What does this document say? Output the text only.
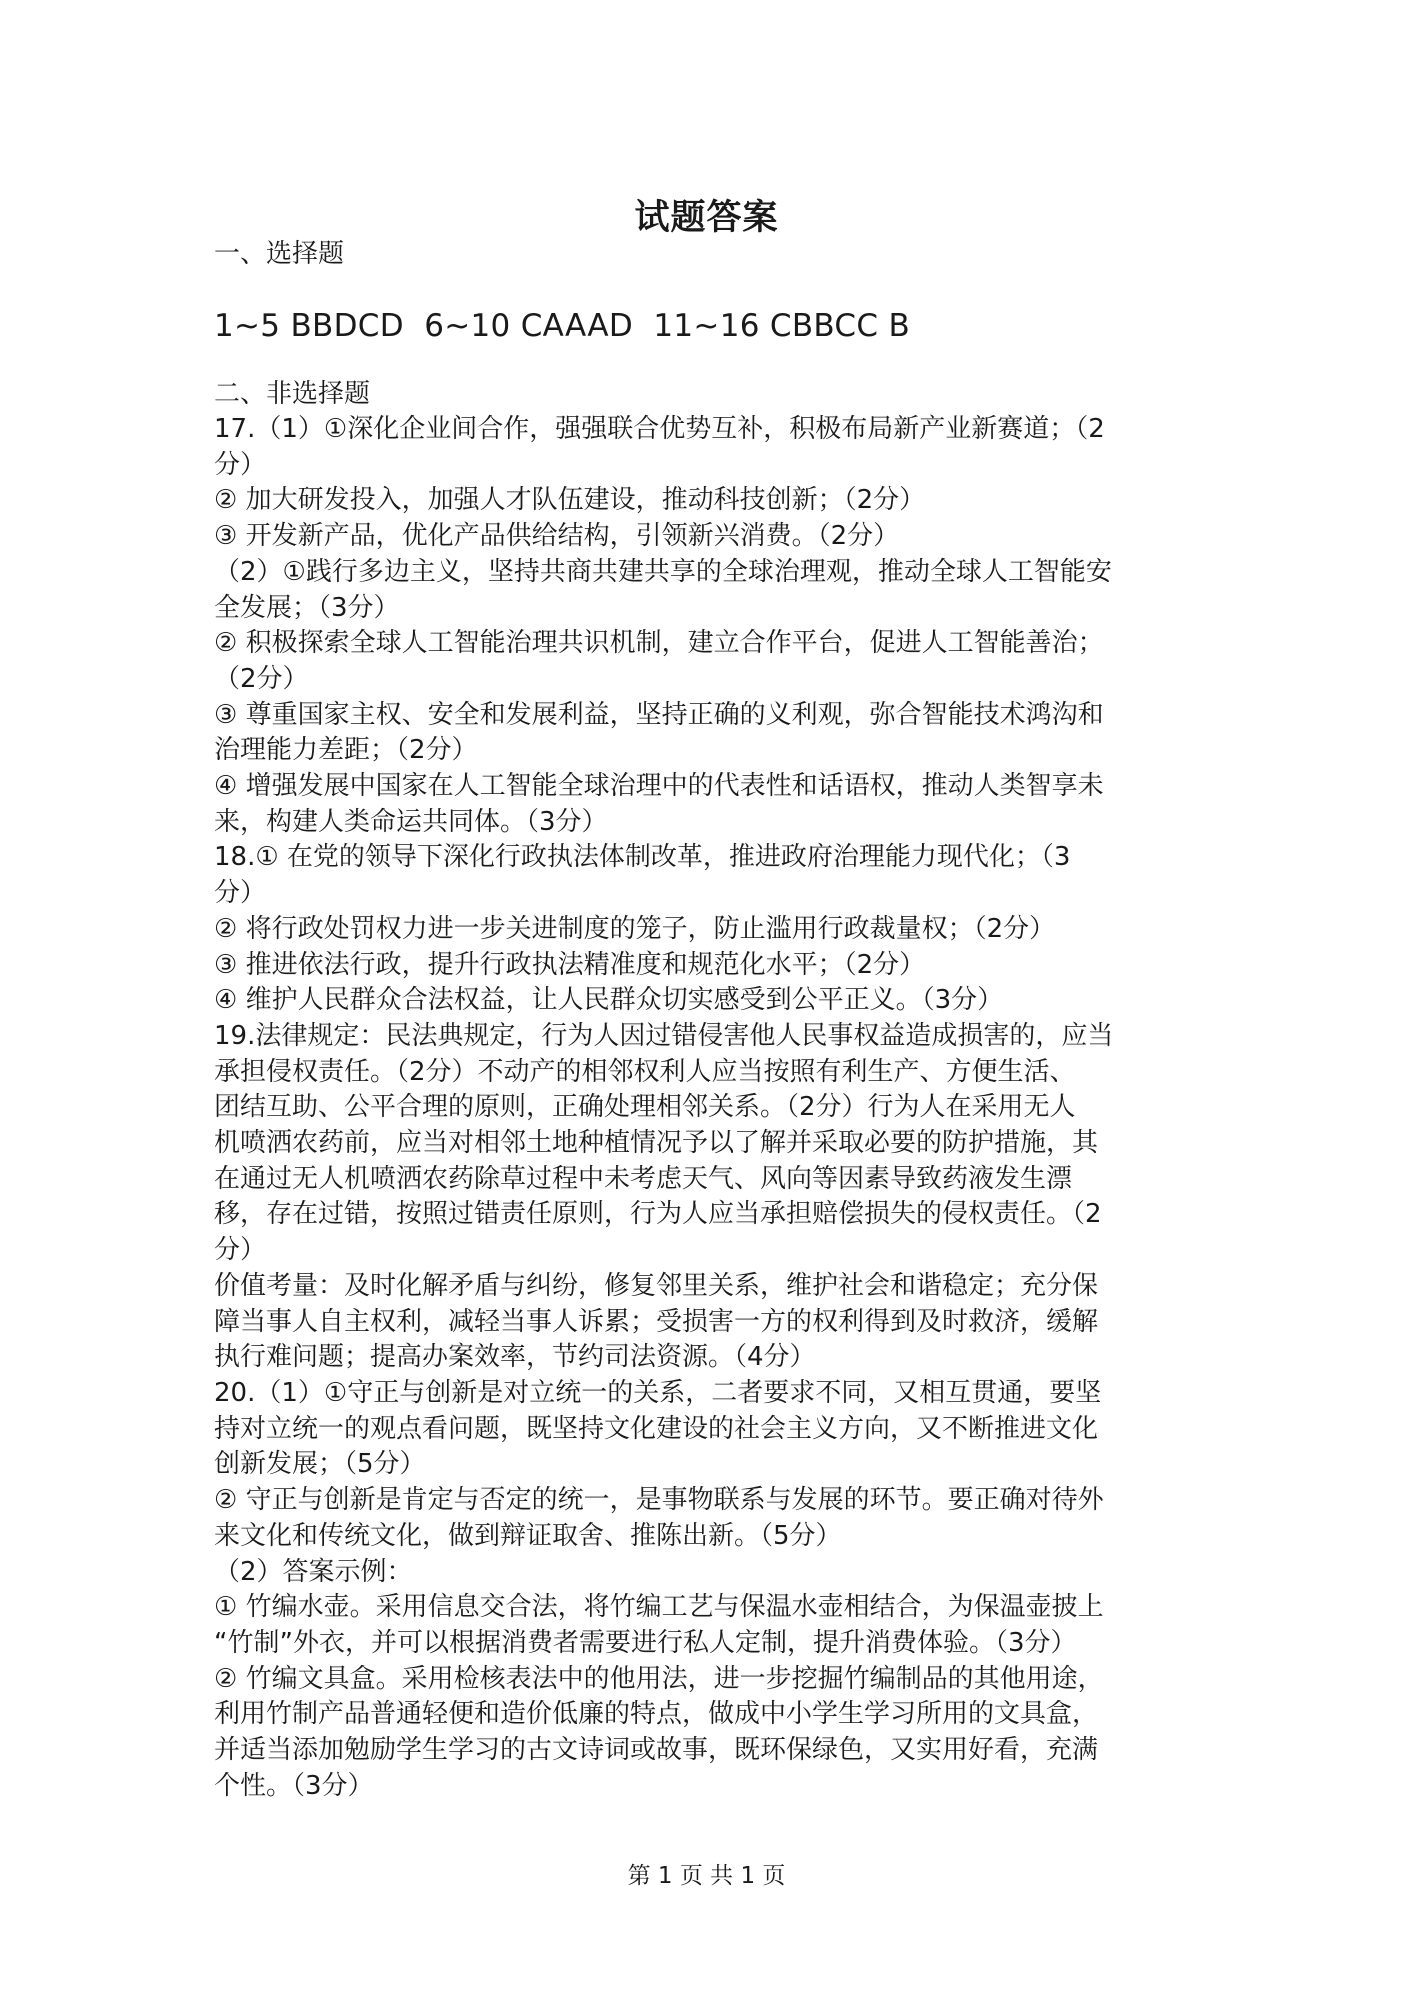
试题答案

一、选择题

1~5 BBDCD  6~10 CAAAD  11~16 CBBCC B

二、非选择题

17.（1）①深化企业间合作，强强联合优势互补，积极布局新产业新赛道；（2

分）

② 加大研发投入，加强人才队伍建设，推动科技创新；（2分）

③ 开发新产品，优化产品供给结构，引领新兴消费。（2分）

（2）①践行多边主义，坚持共商共建共享的全球治理观，推动全球人工智能安

全发展；（3分）

② 积极探索全球人工智能治理共识机制，建立合作平台，促进人工智能善治；

（2分）

③ 尊重国家主权、安全和发展利益，坚持正确的义利观，弥合智能技术鸿沟和

治理能力差距；（2分）

④ 增强发展中国家在人工智能全球治理中的代表性和话语权，推动人类智享未

来，构建人类命运共同体。（3分）

18.① 在党的领导下深化行政执法体制改革，推进政府治理能力现代化；（3

分）

② 将行政处罚权力进一步关进制度的笼子，防止滥用行政裁量权；（2分）

③ 推进依法行政，提升行政执法精准度和规范化水平；（2分）

④ 维护人民群众合法权益，让人民群众切实感受到公平正义。（3分）

19.法律规定：民法典规定，行为人因过错侵害他人民事权益造成损害的，应当

承担侵权责任。（2分）不动产的相邻权利人应当按照有利生产、方便生活、

团结互助、公平合理的原则，正确处理相邻关系。（2分）行为人在采用无人

机喷洒农药前，应当对相邻土地种植情况予以了解并采取必要的防护措施，其

在通过无人机喷洒农药除草过程中未考虑天气、风向等因素导致药液发生漂

移，存在过错，按照过错责任原则，行为人应当承担赔偿损失的侵权责任。（2

分）

价值考量：及时化解矛盾与纠纷，修复邻里关系，维护社会和谐稳定；充分保

障当事人自主权利，减轻当事人诉累；受损害一方的权利得到及时救济，缓解

执行难问题；提高办案效率，节约司法资源。（4分）

20.（1）①守正与创新是对立统一的关系，二者要求不同，又相互贯通，要坚

持对立统一的观点看问题，既坚持文化建设的社会主义方向，又不断推进文化

创新发展；（5分）

② 守正与创新是肯定与否定的统一，是事物联系与发展的环节。要正确对待外

来文化和传统文化，做到辩证取舍、推陈出新。（5分）

（2）答案示例：

① 竹编水壶。采用信息交合法，将竹编工艺与保温水壶相结合，为保温壶披上

“竹制”外衣，并可以根据消费者需要进行私人定制，提升消费体验。（3分）

② 竹编文具盒。采用检核表法中的他用法，进一步挖掘竹编制品的其他用途，

利用竹制产品普通轻便和造价低廉的特点，做成中小学生学习所用的文具盒，

并适当添加勉励学生学习的古文诗词或故事，既环保绿色，又实用好看，充满

个性。（3分）

第 1 页 共 1 页
